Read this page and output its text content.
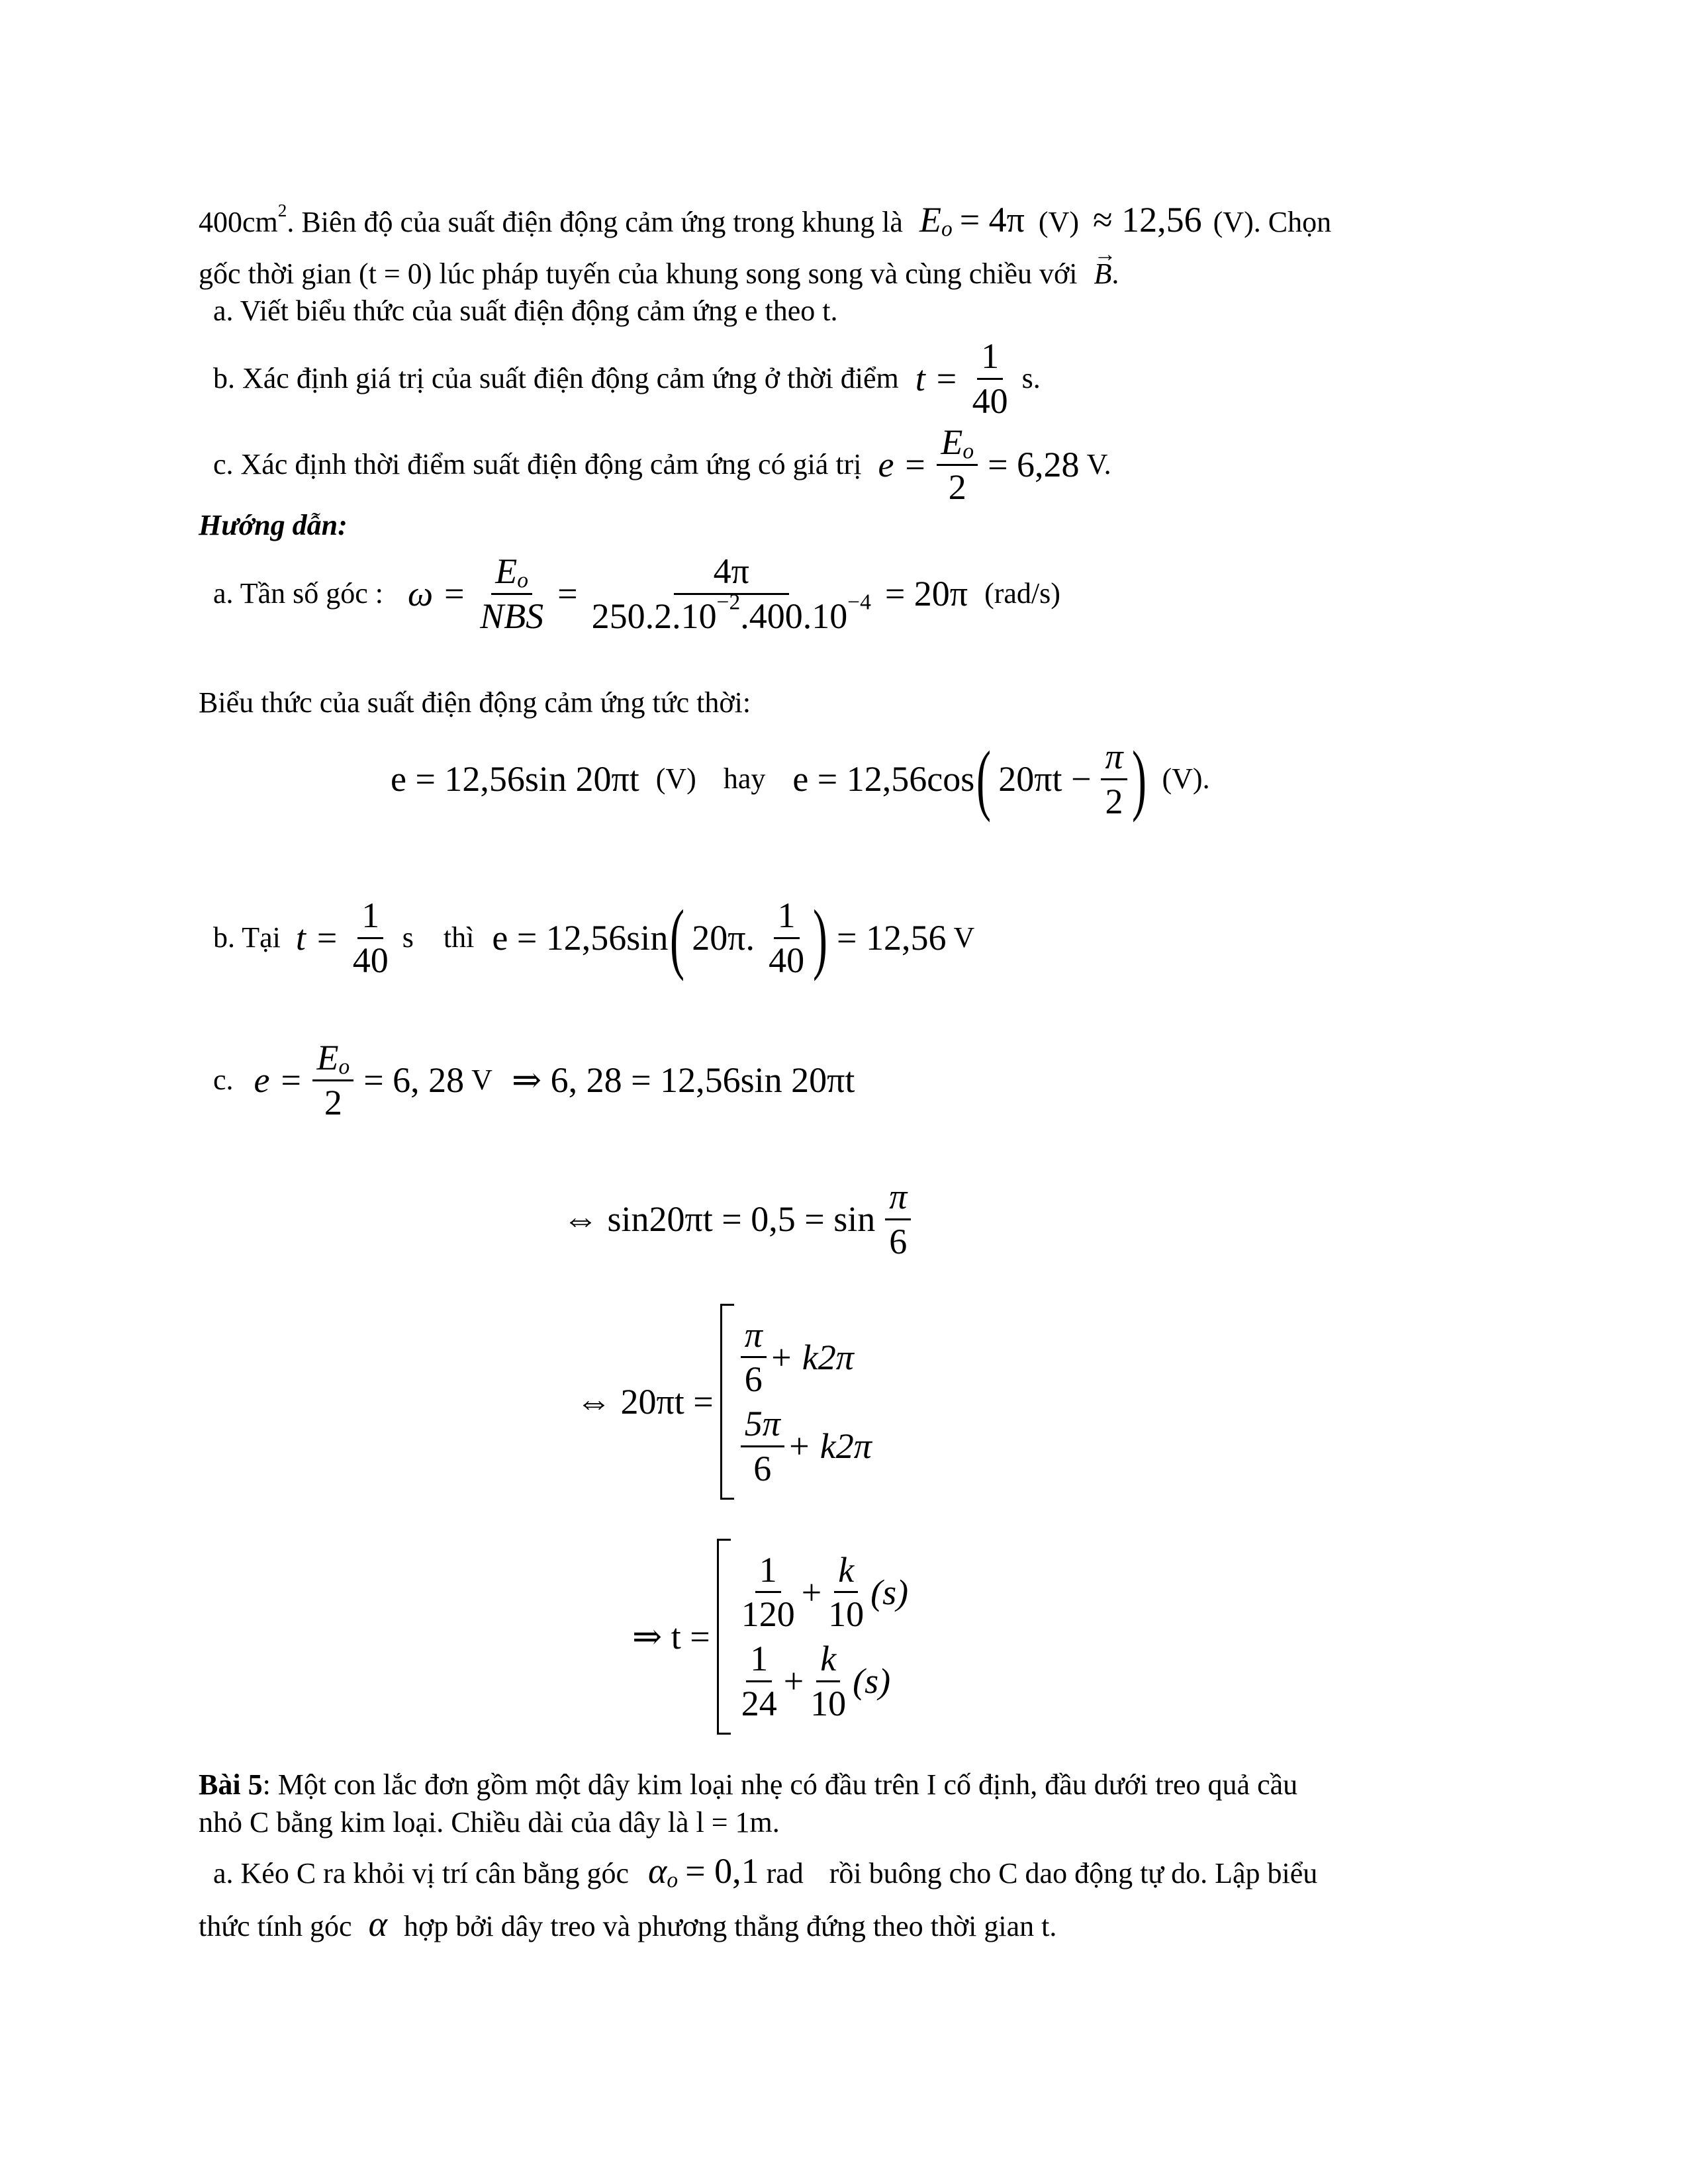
$400cm^2$. Biên độ của suất điện động cảm ứng trong khung là $E_o = 4\pi$ (V) ≈ 12,56 (V). Chọn
gốc thời gian (t = 0) lúc pháp tuyến của khung song song và cùng chiều với
→
B.
a. Viết biểu thức của suất điện động cảm ứng e theo t.
b. Xác định giá trị của suất điện động cảm ứng ở thời điểm $t = \frac{1}{40} s$.
c. Xác định thời điểm suất điện động cảm ứng có giá trị $e = \frac{E_o}{2} = 6,28$ V.
Hướng dẫn:
a. Tần số góc : $\omega = \frac{E_o}{\text{NBS}} = \frac{4\pi}{250.2.10^{-2}.400.10^{-4}} = 20\pi$ (rad/s)
Biểu thức của suất điện động cảm ứng tức thời:
e = 12,56sin 20πt (V) hay e = 12,56cos( $20\pi t - \frac{\pi}{2}$ ) (V).
b. Tại $t = \frac{1}{40}$ s thì e = 12,56sin( 20π. $\frac{1}{40}$ ) = 12,56 V
c. $e = \frac{E_o}{2} = 6$, 28 V ⇒ 6, 28 = 12,56sin 20πt
⇔ $\sin 20\pi t = 0,5 = \sin \frac{\pi}{6}$
⇔ 20πt =
$\frac{\pi}{6} + k2\pi$
$\frac{5\pi}{6} + k2\pi$
⇒ t =
$\frac{1}{120} + \frac{k}{10} (s)$
$\frac{1}{24} + \frac{k}{10} (s)$
Bài 5: Một con lắc đơn gồm một dây kim loại nhẹ có đầu trên I cố định, đầu dưới treo quả cầu
nhỏ C bằng kim loại. Chiều dài của dây là l = 1m.
a. Kéo C ra khỏi vị trí cân bằng góc $\alpha_o = 0,1$ rad rồi buông cho C dao động tự do. Lập biểu
thức tính góc α hợp bởi dây treo và phương thẳng đứng theo thời gian t.
